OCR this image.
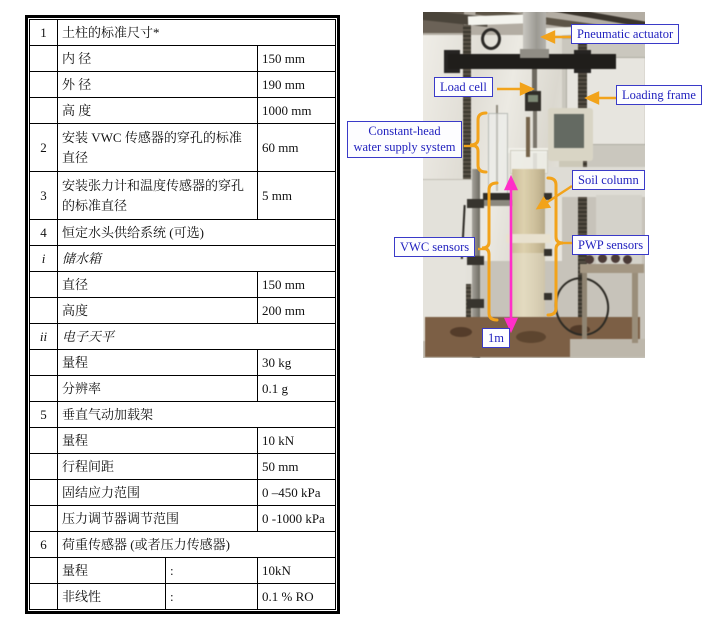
1	土柱的标准尺寸*		
	内 径		150 mm
	外 径		190 mm
	高 度		1000 mm
2	安装 VWC 传感器的穿孔的标准直径		60 mm
3	安装张力计和温度传感器的穿孔的标准直径		5 mm
4	恒定水头供给系统 (可选)		
i	储水箱		
	直径		150 mm
	高度		200 mm
ii	电子天平		
	量程		30 kg
	分辨率		0.1 g
5	垂直气动加载架		
	量程		10 kN
	行程间距		50 mm
	固结应力范围		0 –450 kPa
	压力调节器调节范围		0 -1000 kPa
6	荷重传感器 (或者压力传感器)		
	量程	:	10kN
	非线性	:	0.1 % RO
Pneumatic actuator
Load cell
Loading frame
Constant-head water supply system
Soil column
VWC sensors	PWP sensors
1m
